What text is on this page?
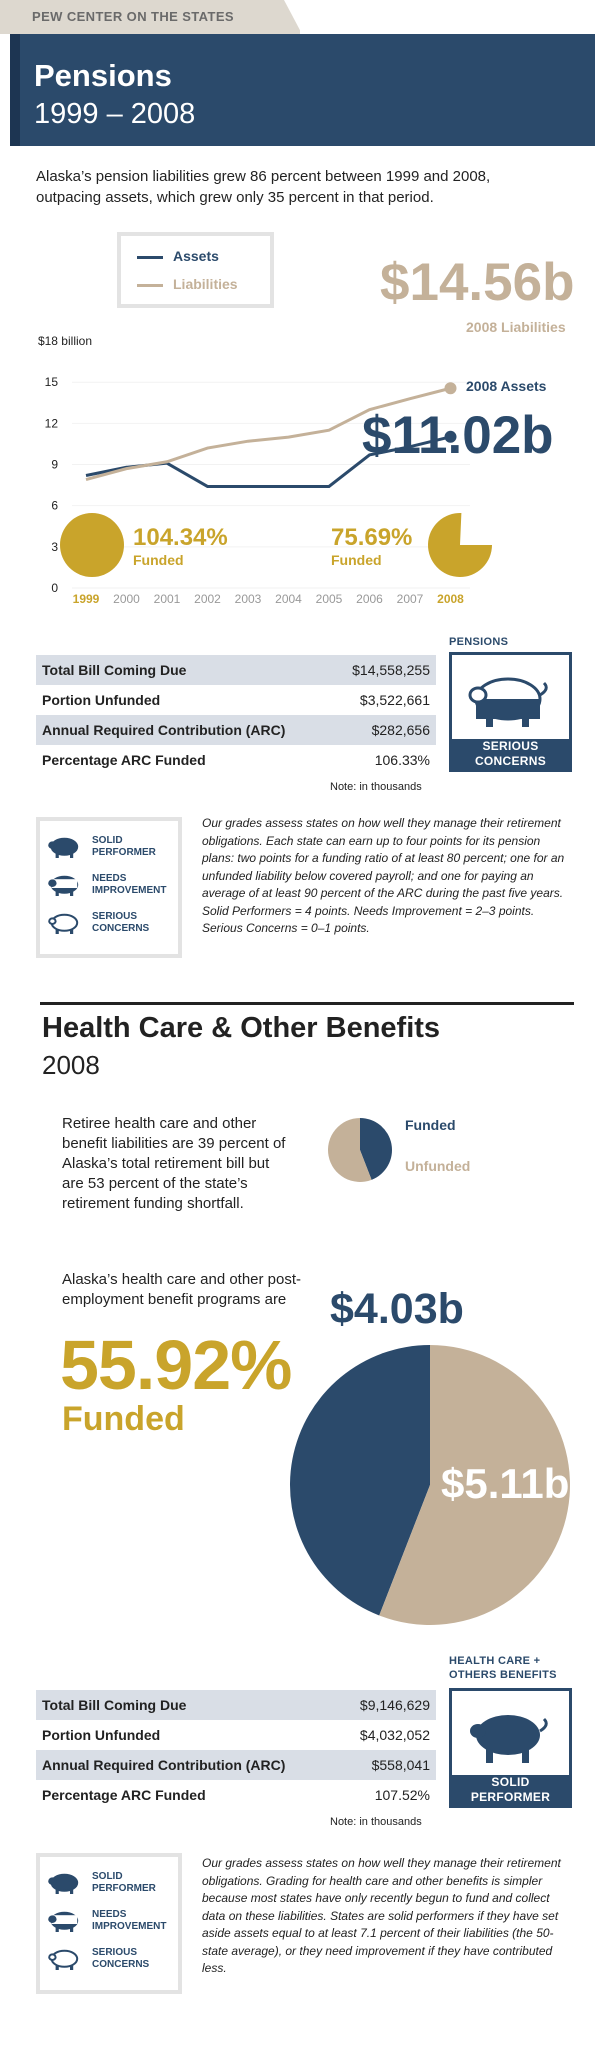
PEW CENTER ON THE STATES
Pensions
1999 – 2008
Alaska’s pension liabilities grew 86 percent between 1999 and 2008, outpacing assets, which grew only 35 percent in that period.
0
3
6
9
12
15
$18 billion
Assets
Liabilities	$14.56b
2008 Liabilities
2008 Assets
$11.02b
104.34%
Funded
75.69%
Funded
1999	2000	2001	2002	2003	2004	2005	2006	2007	2008
Total Bill Coming Due	$14,558,255
Portion Unfunded	$3,522,661
Annual Required Contribution (ARC)	$282,656
Percentage ARC Funded	106.33%
Note: in thousands
PENSIONS
SERIOUS
CONCERNS
SOLID
PERFORMER
NEEDS
IMPROVEMENT
SERIOUS
CONCERNS
Our grades assess states on how well they manage their retirement obligations. Each state can earn up to four points for its pension plans: two points for a funding ratio of at least 80 percent; one for an unfunded liability below covered payroll; and one for paying an average of at least 90 percent of the ARC during the past five years. Solid Performers = 4 points. Needs Improvement = 2–3 points. Serious Concerns = 0–1 points.
Health Care & Other Benefits
2008
Retiree health care and other benefit liabilities are 39 percent of Alaska’s total retirement bill but are 53 percent of the state’s retirement funding shortfall.
Funded
Unfunded
Alaska’s health care and other post-employment benefit programs are
55.92%
Funded
$4.03b
$5.11b
Total Bill Coming Due	$9,146,629
Portion Unfunded	$4,032,052
Annual Required Contribution (ARC)	$558,041
Percentage ARC Funded	107.52%
Note: in thousands
HEALTH CARE +
OTHERS BENEFITS
SOLID
PERFORMER
SOLID
PERFORMER
NEEDS
IMPROVEMENT
SERIOUS
CONCERNS
Our grades assess states on how well they manage their retirement obligations. Grading for health care and other benefits is simpler because most states have only recently begun to fund and collect data on these liabilities. States are solid performers if they have set aside assets equal to at least 7.1 percent of their liabilities (the 50-state average), or they need improvement if they have contributed less.
